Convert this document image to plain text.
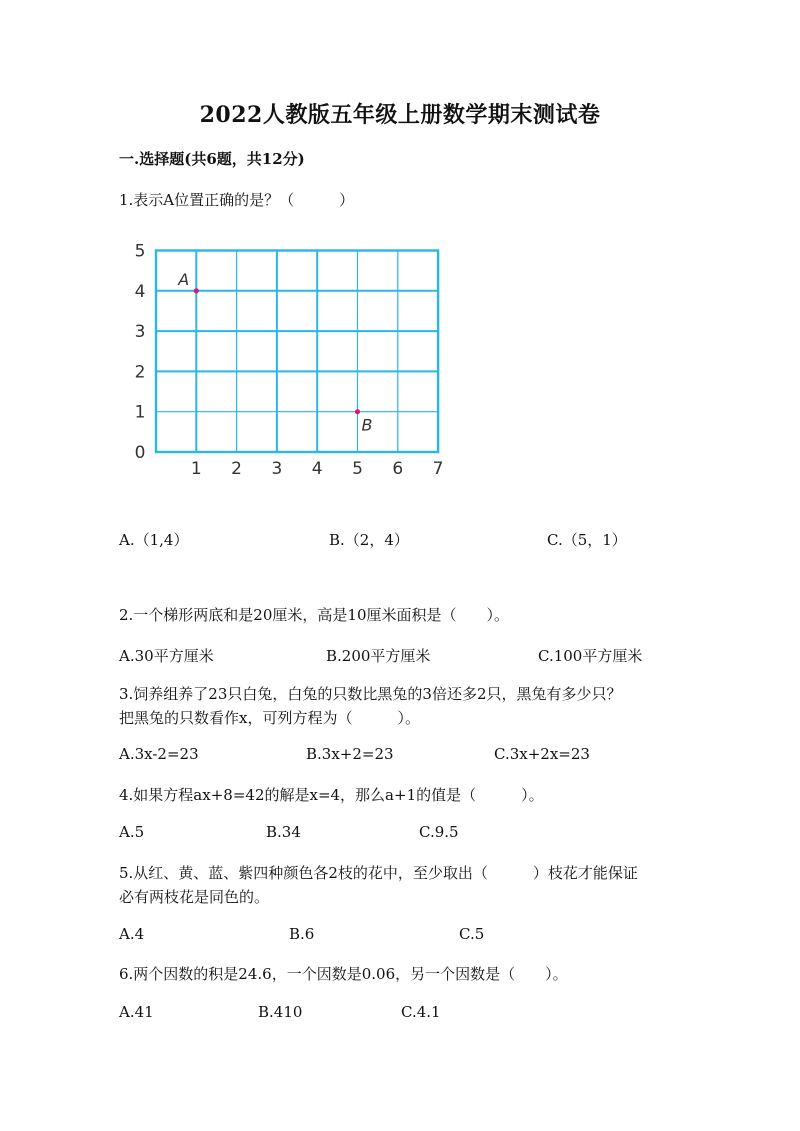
2022人教版五年级上册数学期末测试卷
一.选择题(共6题，共12分)
1.表示A位置正确的是？（　　　）
1 2 3 4 5 6 7
0
1
2
3
4
5
A
B
A.（1,4）	B.（2，4）	C.（5，1）
2.一个梯形两底和是20厘米，高是10厘米面积是（　　）。
A.30平方厘米	B.200平方厘米	C.100平方厘米
3.饲养组养了23只白兔，白兔的只数比黑兔的3倍还多2只，黑兔有多少只？
把黑兔的只数看作x，可列方程为（　　　）。
A.3x-2=23	B.3x+2=23	C.3x+2x=23
4.如果方程ax+8=42的解是x=4，那么a+1的值是（　　　）。
A.5	B.34	C.9.5
5.从红、黄、蓝、紫四种颜色各2枝的花中，至少取出（　　　）枝花才能保证
必有两枝花是同色的。
A.4	B.6	C.5
6.两个因数的积是24.6，一个因数是0.06，另一个因数是（　　）。
A.41	B.410	C.4.1
